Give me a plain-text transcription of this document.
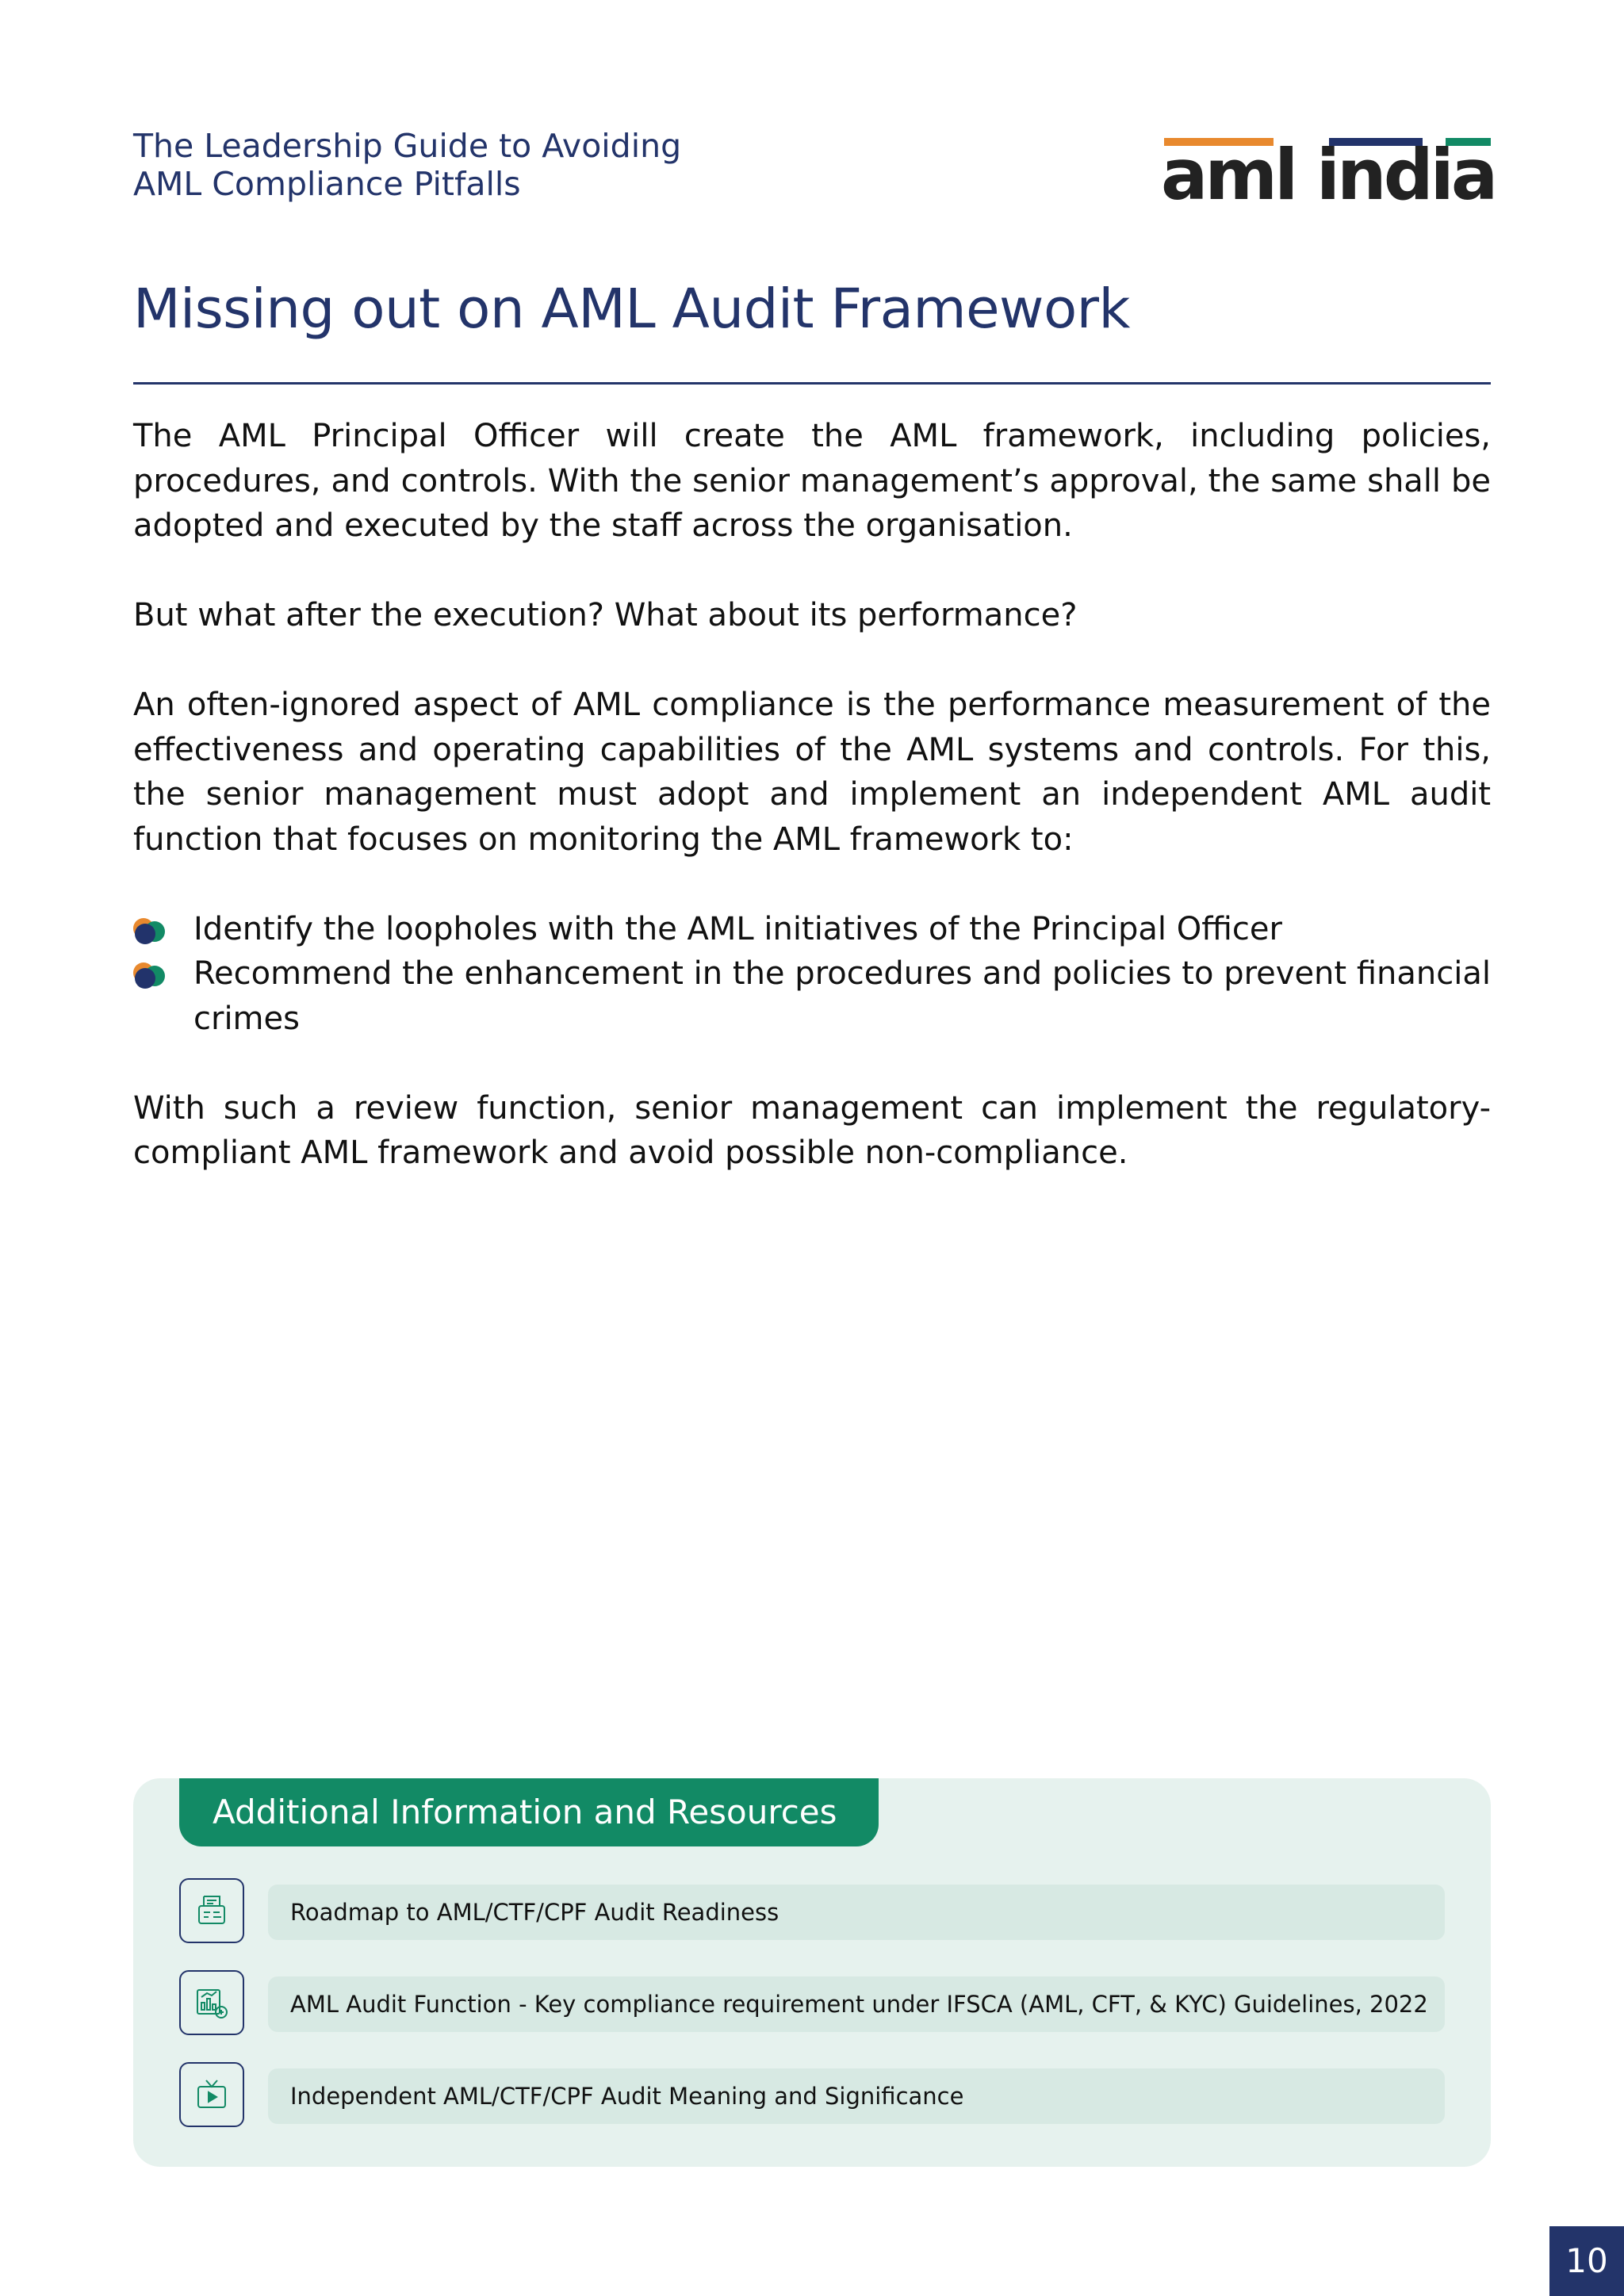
The Leadership Guide to Avoiding
AML Compliance Pitfalls	aml india
Missing out on AML Audit Framework

The AML Principal Officer will create the AML framework, including policies, procedures, and controls. With the senior management’s approval, the same shall be adopted and executed by the staff across the organisation.

But what after the execution? What about its performance?

An often-ignored aspect of AML compliance is the performance measurement of the effectiveness and operating capabilities of the AML systems and controls. For this, the senior management must adopt and implement an independent AML audit function that focuses on monitoring the AML framework to:

Identify the loopholes with the AML initiatives of the Principal Officer
Recommend the enhancement in the procedures and policies to prevent financial crimes

With such a review function, senior management can implement the regulatory-compliant AML framework and avoid possible non-compliance.

Additional Information and Resources
Roadmap to AML/CTF/CPF Audit Readiness
AML Audit Function - Key compliance requirement under IFSCA (AML, CFT, & KYC) Guidelines, 2022
Independent AML/CTF/CPF Audit Meaning and Significance
10
